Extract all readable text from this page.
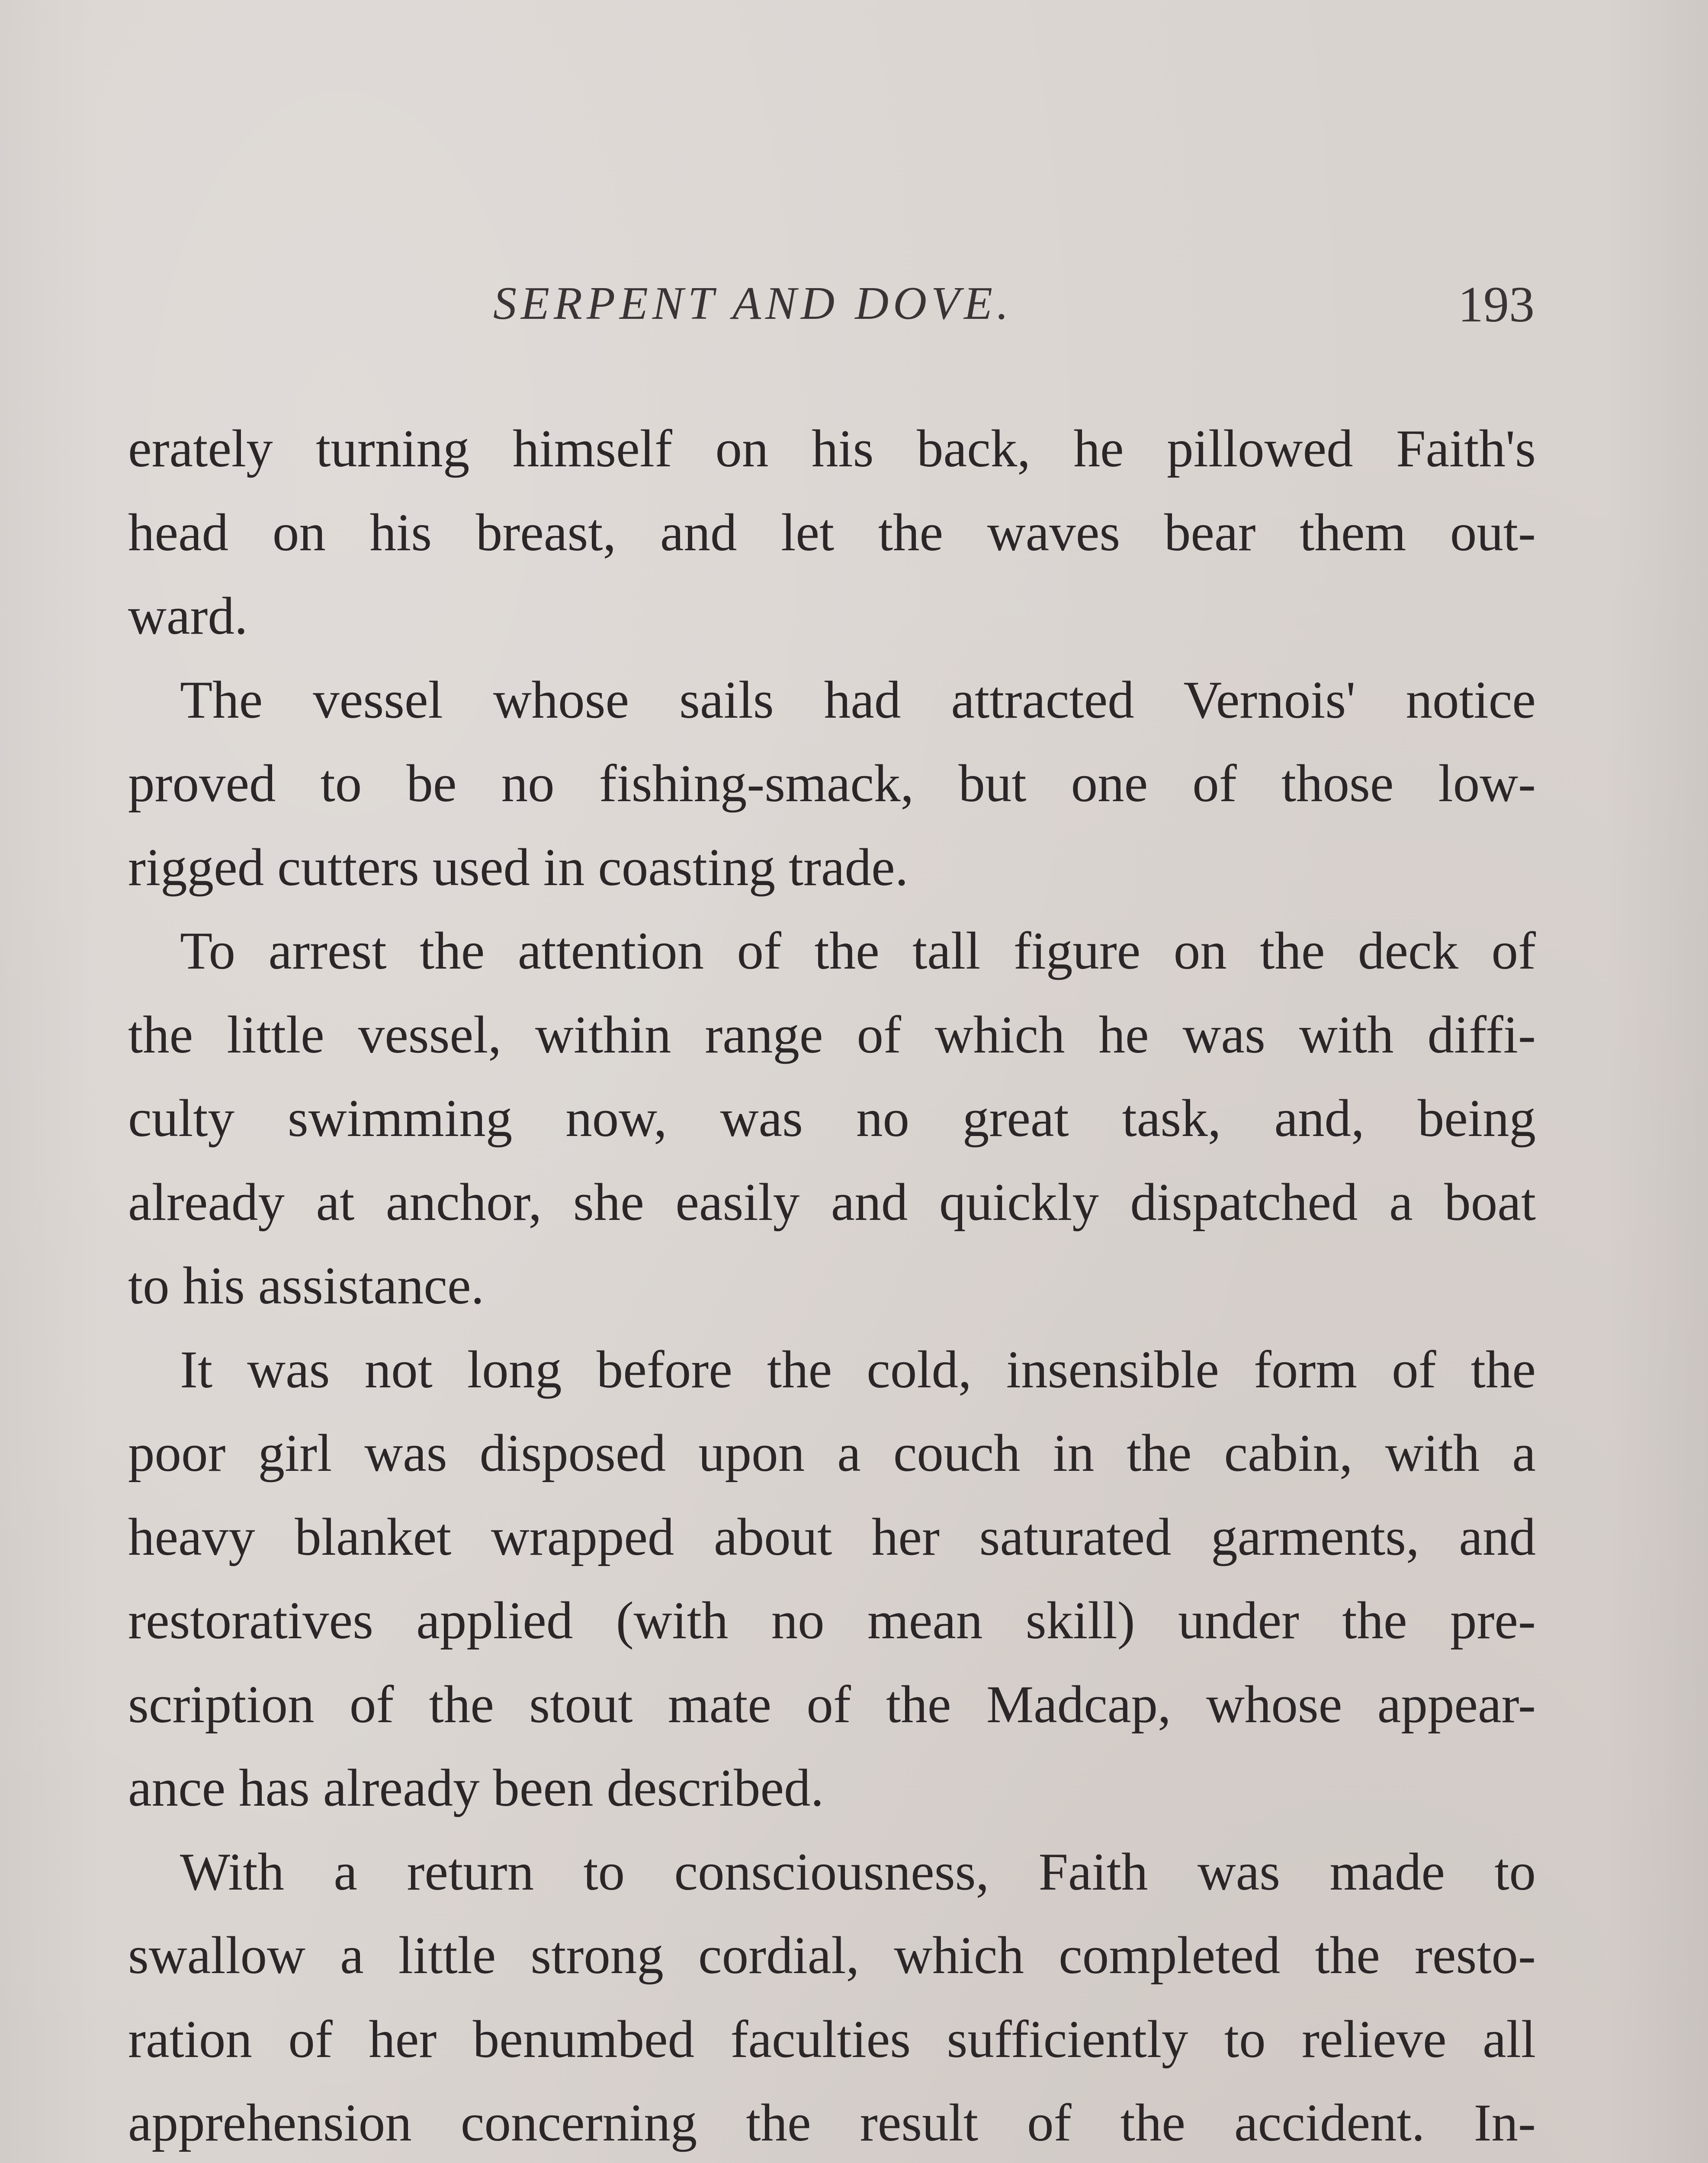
SERPENT AND DOVE.	193
erately turning himself on his back, he pillowed Faith's
head on his breast, and let the waves bear them out-
ward.
The vessel whose sails had attracted Vernois' notice
proved to be no fishing-smack, but one of those low-
rigged cutters used in coasting trade.
To arrest the attention of the tall figure on the deck of
the little vessel, within range of which he was with diffi-
culty swimming now, was no great task, and, being
already at anchor, she easily and quickly dispatched a boat
to his assistance.
It was not long before the cold, insensible form of the
poor girl was disposed upon a couch in the cabin, with a
heavy blanket wrapped about her saturated garments, and
restoratives applied (with no mean skill) under the pre-
scription of the stout mate of the Madcap, whose appear-
ance has already been described.
With a return to consciousness, Faith was made to
swallow a little strong cordial, which completed the resto-
ration of her benumbed faculties sufficiently to relieve all
apprehension concerning the result of the accident. In-
